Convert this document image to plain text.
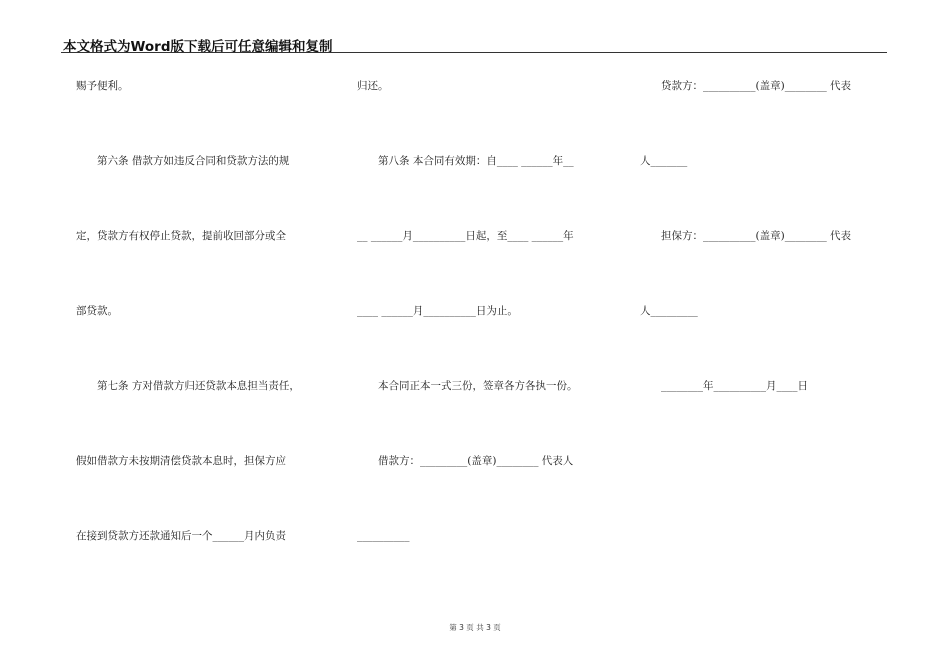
本文格式为Word版下载后可任意编辑和复制
赐予便利。
　　第六条 借款方如违反合同和贷款方法的规
定，贷款方有权停止贷款，提前收回部分或全
部贷款。
　　第七条 方对借款方归还贷款本息担当责任，
假如借款方未按期清偿贷款本息时，担保方应
在接到贷款方还款通知后一个______月内负责
归还。
　　第八条 本合同有效期：自____ ______年__
__ ______月__________日起，至____ ______年
____ ______月__________日为止。
　　本合同正本一式三份，签章各方各执一份。
　　借款方：_________(盖章)________ 代表人
__________
　　贷款方：__________(盖章)________ 代表
人_______
　　担保方：__________(盖章)________ 代表
人_________
　　________年__________月____日
第 3 页 共 3 页
